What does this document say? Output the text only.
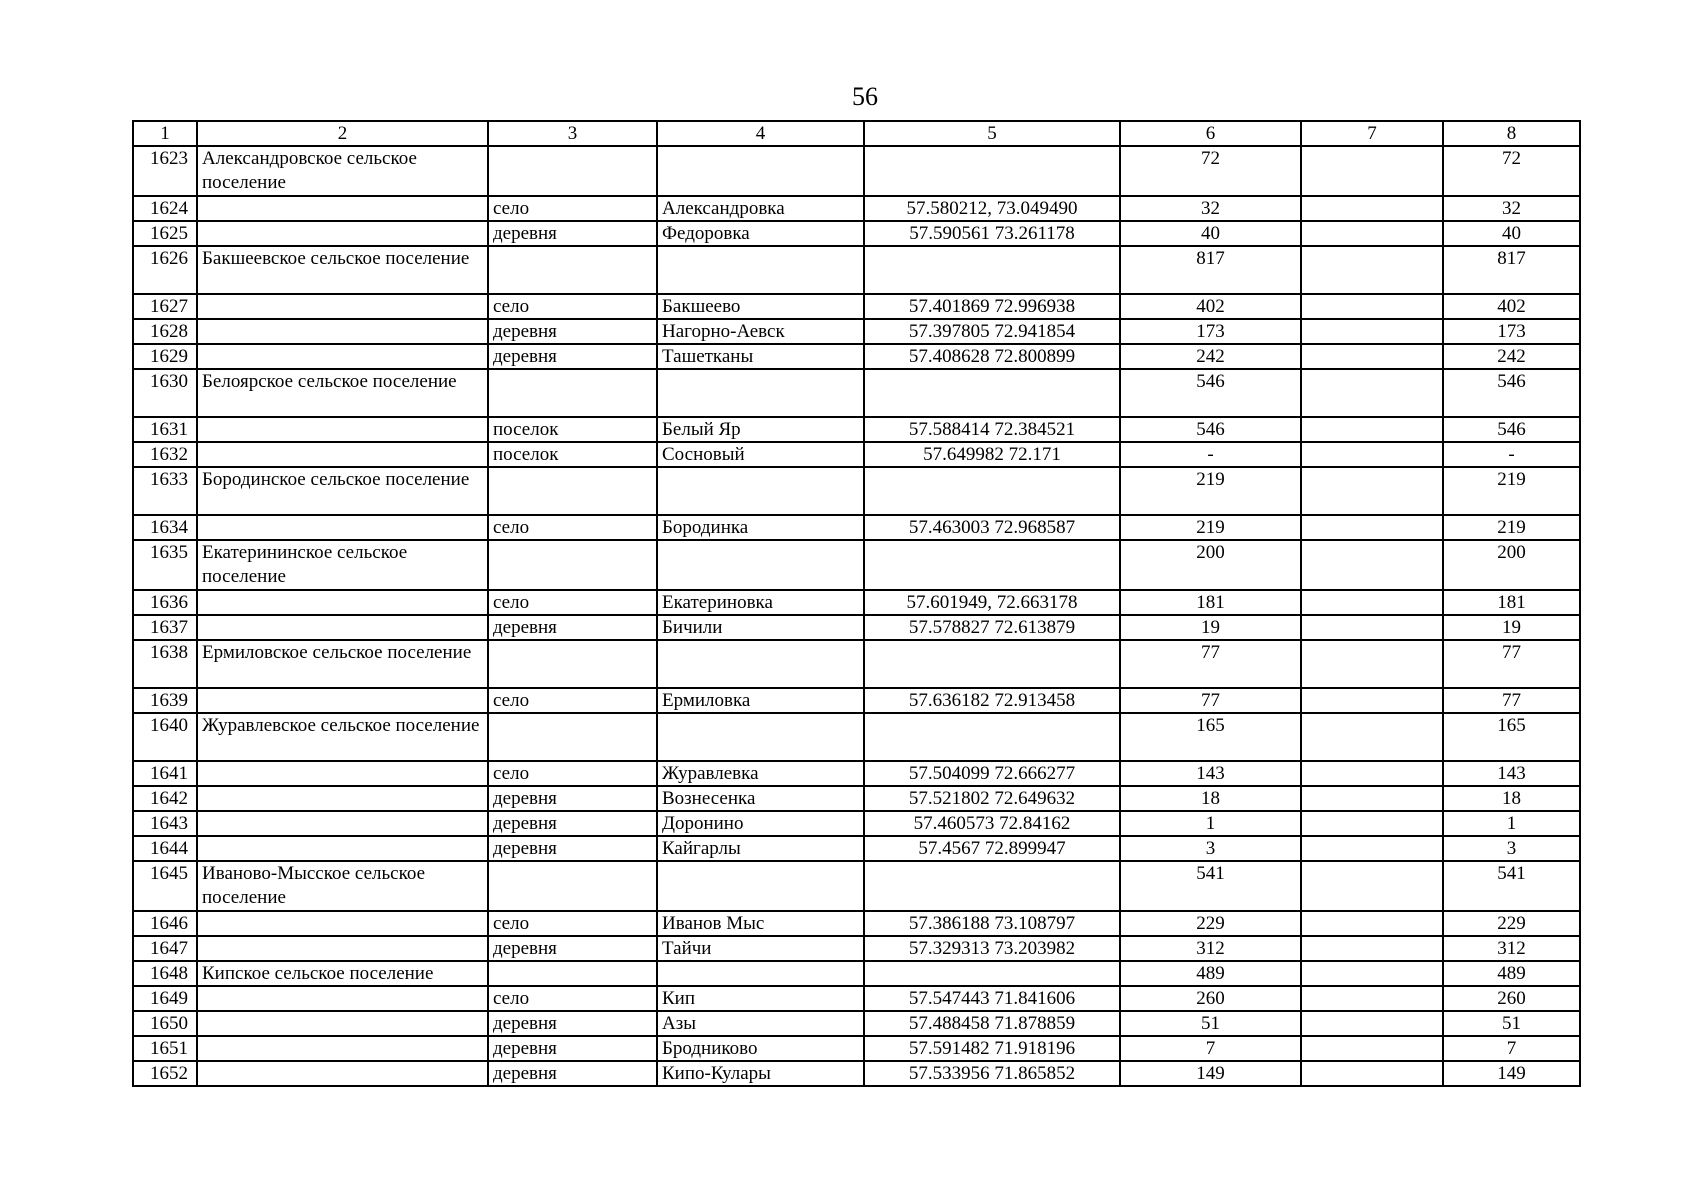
56
1	2	3	4	5	6	7	8
1623	Александровское сельское поселение				72		72
1624		село	Александровка	57.580212, 73.049490	32		32
1625		деревня	Федоровка	57.590561 73.261178	40		40
1626	Бакшеевское сельское поселение				817		817
1627		село	Бакшеево	57.401869 72.996938	402		402
1628		деревня	Нагорно-Аевск	57.397805 72.941854	173		173
1629		деревня	Ташетканы	57.408628 72.800899	242		242
1630	Белоярское сельское поселение				546		546
1631		поселок	Белый Яр	57.588414 72.384521	546		546
1632		поселок	Сосновый	57.649982 72.171	-		-
1633	Бородинское сельское поселение				219		219
1634		село	Бородинка	57.463003 72.968587	219		219
1635	Екатерининское сельское поселение				200		200
1636		село	Екатериновка	57.601949, 72.663178	181		181
1637		деревня	Бичили	57.578827 72.613879	19		19
1638	Ермиловское сельское поселение				77		77
1639		село	Ермиловка	57.636182 72.913458	77		77
1640	Журавлевское сельское поселение				165		165
1641		село	Журавлевка	57.504099 72.666277	143		143
1642		деревня	Вознесенка	57.521802 72.649632	18		18
1643		деревня	Доронино	57.460573 72.84162	1		1
1644		деревня	Кайгарлы	57.4567 72.899947	3		3
1645	Иваново-Мысское сельское поселение				541		541
1646		село	Иванов Мыс	57.386188 73.108797	229		229
1647		деревня	Тайчи	57.329313 73.203982	312		312
1648	Кипское сельское поселение				489		489
1649		село	Кип	57.547443 71.841606	260		260
1650		деревня	Азы	57.488458 71.878859	51		51
1651		деревня	Бродниково	57.591482 71.918196	7		7
1652		деревня	Кипо-Кулары	57.533956 71.865852	149		149
